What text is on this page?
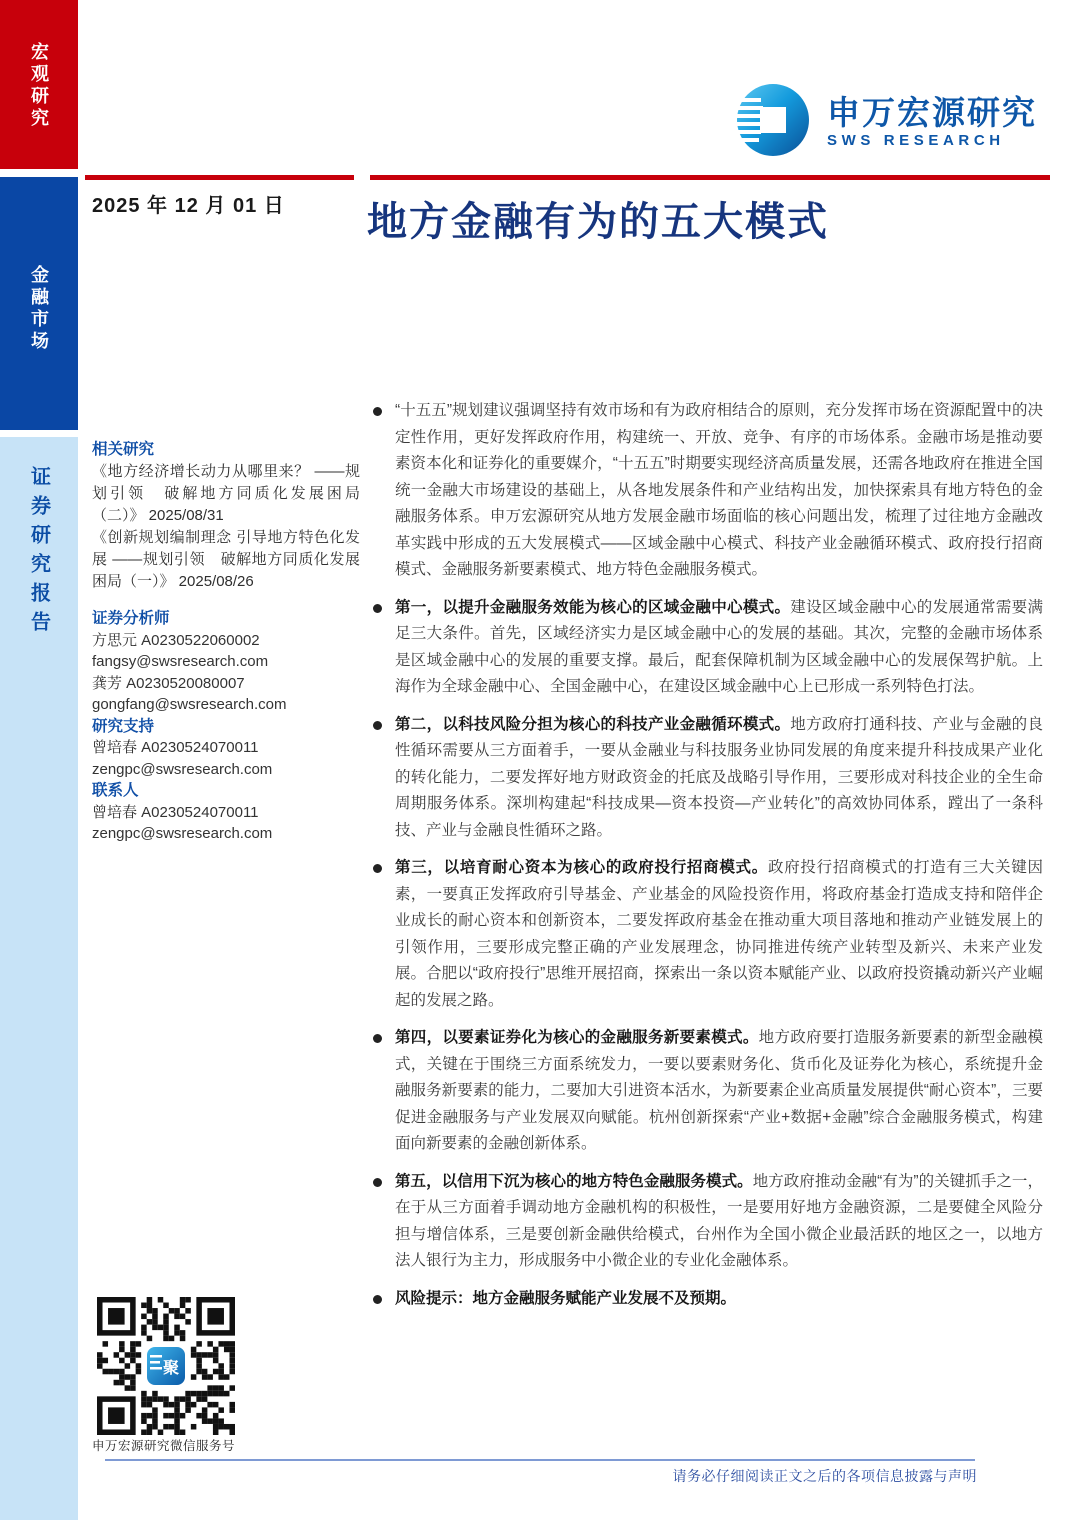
宏观研究
金融市场
证券研究报告
申万宏源研究
SWS RESEARCH
2025 年 12 月 01 日 地方金融有为的五大模式
相关研究
《地方经济增长动力从哪里来？ ——规划引领　破解地方同质化发展困局（二）》 2025/08/31
《创新规划编制理念 引导地方特色化发展 ——规划引领　破解地方同质化发展困局（一）》 2025/08/26
证券分析师
方思元 A0230522060002
fangsy@swsresearch.com
龚芳 A0230520080007
gongfang@swsresearch.com
研究支持
曾培春 A0230524070011
zengpc@swsresearch.com
联系人
曾培春 A0230524070011
zengpc@swsresearch.com
“十五五”规划建议强调坚持有效市场和有为政府相结合的原则，充分发挥市场在资源配置中的决定性作用，更好发挥政府作用，构建统一、开放、竞争、有序的市场体系。金融市场是推动要素资本化和证券化的重要媒介，“十五五”时期要实现经济高质量发展，还需各地政府在推进全国统一金融大市场建设的基础上，从各地发展条件和产业结构出发，加快探索具有地方特色的金融服务体系。申万宏源研究从地方发展金融市场面临的核心问题出发，梳理了过往地方金融改革实践中形成的五大发展模式——区域金融中心模式、科技产业金融循环模式、政府投行招商模式、金融服务新要素模式、地方特色金融服务模式。
第一，以提升金融服务效能为核心的区域金融中心模式。建设区域金融中心的发展通常需要满足三大条件。首先，区域经济实力是区域金融中心的发展的基础。其次，完整的金融市场体系是区域金融中心的发展的重要支撑。最后，配套保障机制为区域金融中心的发展保驾护航。上海作为全球金融中心、全国金融中心，在建设区域金融中心上已形成一系列特色打法。
第二，以科技风险分担为核心的科技产业金融循环模式。地方政府打通科技、产业与金融的良性循环需要从三方面着手，一要从金融业与科技服务业协同发展的角度来提升科技成果产业化的转化能力，二要发挥好地方财政资金的托底及战略引导作用，三要形成对科技企业的全生命周期服务体系。深圳构建起“科技成果—资本投资—产业转化”的高效协同体系，蹚出了一条科技、产业与金融良性循环之路。
第三，以培育耐心资本为核心的政府投行招商模式。政府投行招商模式的打造有三大关键因素，一要真正发挥政府引导基金、产业基金的风险投资作用，将政府基金打造成支持和陪伴企业成长的耐心资本和创新资本，二要发挥政府基金在推动重大项目落地和推动产业链发展上的引领作用，三要形成完整正确的产业发展理念，协同推进传统产业转型及新兴、未来产业发展。合肥以“政府投行”思维开展招商，探索出一条以资本赋能产业、以政府投资撬动新兴产业崛起的发展之路。
第四，以要素证券化为核心的金融服务新要素模式。地方政府要打造服务新要素的新型金融模式，关键在于围绕三方面系统发力，一要以要素财务化、货币化及证券化为核心，系统提升金融服务新要素的能力，二要加大引进资本活水，为新要素企业高质量发展提供“耐心资本”，三要促进金融服务与产业发展双向赋能。杭州创新探索“产业+数据+金融”综合金融服务模式，构建面向新要素的金融创新体系。
第五，以信用下沉为核心的地方特色金融服务模式。地方政府推动金融“有为”的关键抓手之一，在于从三方面着手调动地方金融机构的积极性，一是要用好地方金融资源，二是要健全风险分担与增信体系，三是要创新金融供给模式，台州作为全国小微企业最活跃的地区之一，以地方法人银行为主力，形成服务中小微企业的专业化金融体系。
风险提示：地方金融服务赋能产业发展不及预期。
聚
申万宏源研究微信服务号
请务必仔细阅读正文之后的各项信息披露与声明
